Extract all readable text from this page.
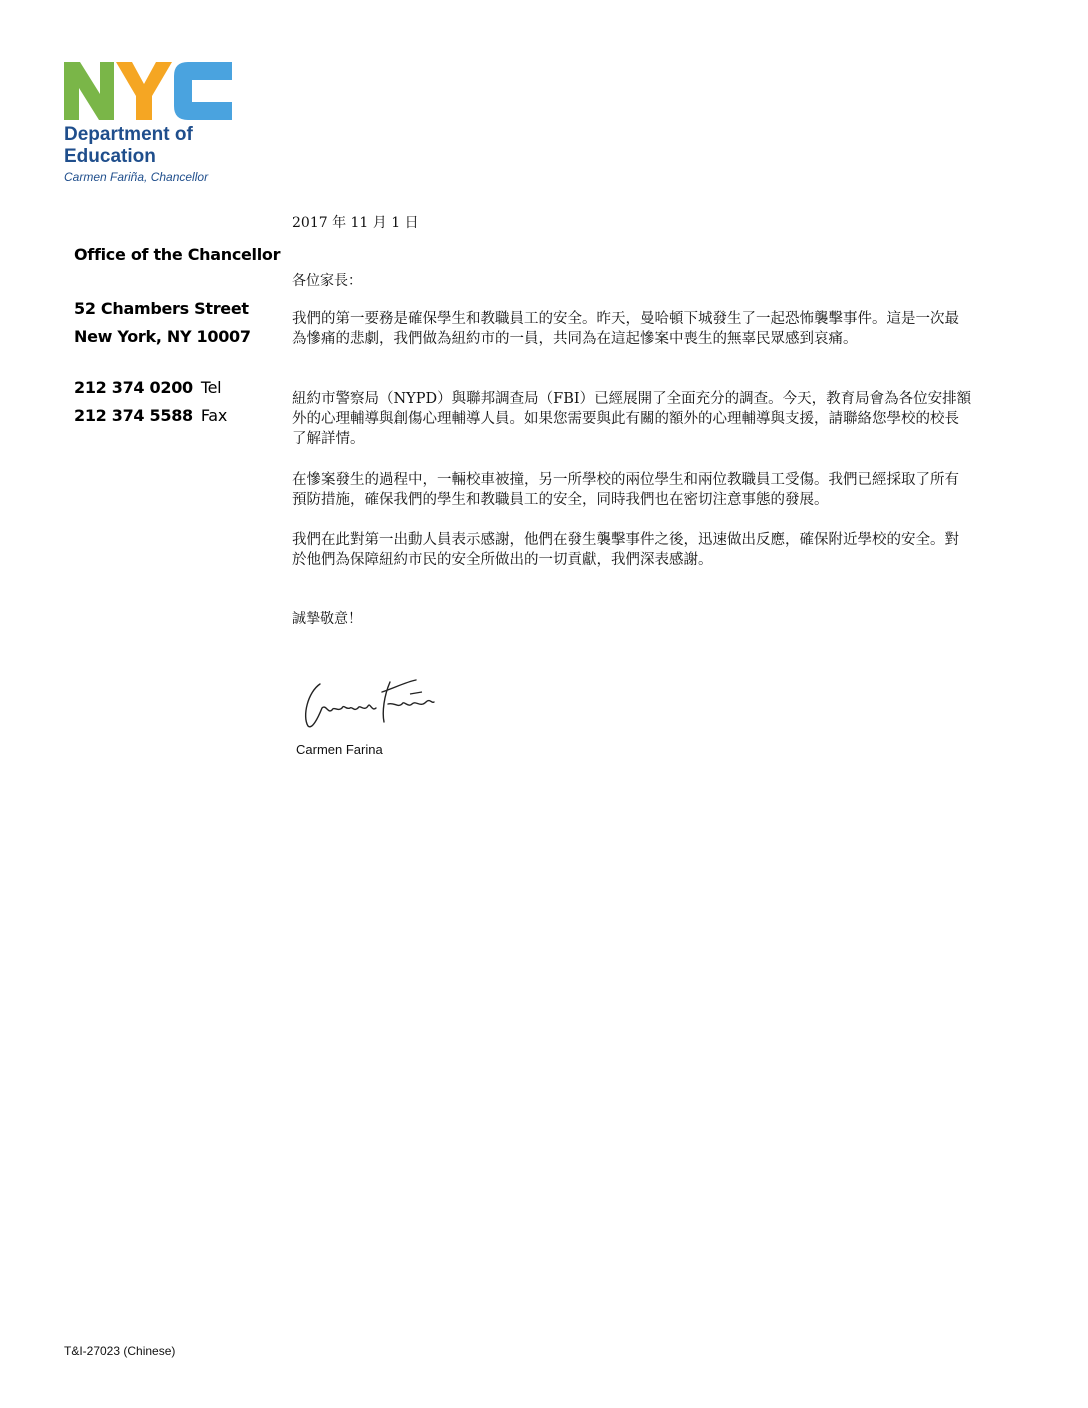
Department of
Education
Carmen Fariña, Chancellor
Office of the Chancellor
52 Chambers Street
New York, NY 10007
212 374 0200 Tel
212 374 5588 Fax
2017 年 11 月 1 日
各位家長：

我們的第一要務是確保學生和教職員工的安全。昨天，曼哈頓下城發生了一起恐怖襲擊事件。這是一次最為慘痛的悲劇，我們做為紐約市的一員，共同為在這起慘案中喪生的無辜民眾感到哀痛。

紐約市警察局（NYPD）與聯邦調查局（FBI）已經展開了全面充分的調查。今天，教育局會為各位安排額外的心理輔導與創傷心理輔導人員。如果您需要與此有關的額外的心理輔導與支援，請聯絡您學校的校長了解詳情。

在慘案發生的過程中，一輛校車被撞，另一所學校的兩位學生和兩位教職員工受傷。我們已經採取了所有預防措施，確保我們的學生和教職員工的安全，同時我們也在密切注意事態的發展。

我們在此對第一出動人員表示感謝，他們在發生襲擊事件之後，迅速做出反應，確保附近學校的安全。對於他們為保障紐約市民的安全所做出的一切貢獻，我們深表感謝。

誠摯敬意！
Carmen Farina
T&I-27023 (Chinese)
